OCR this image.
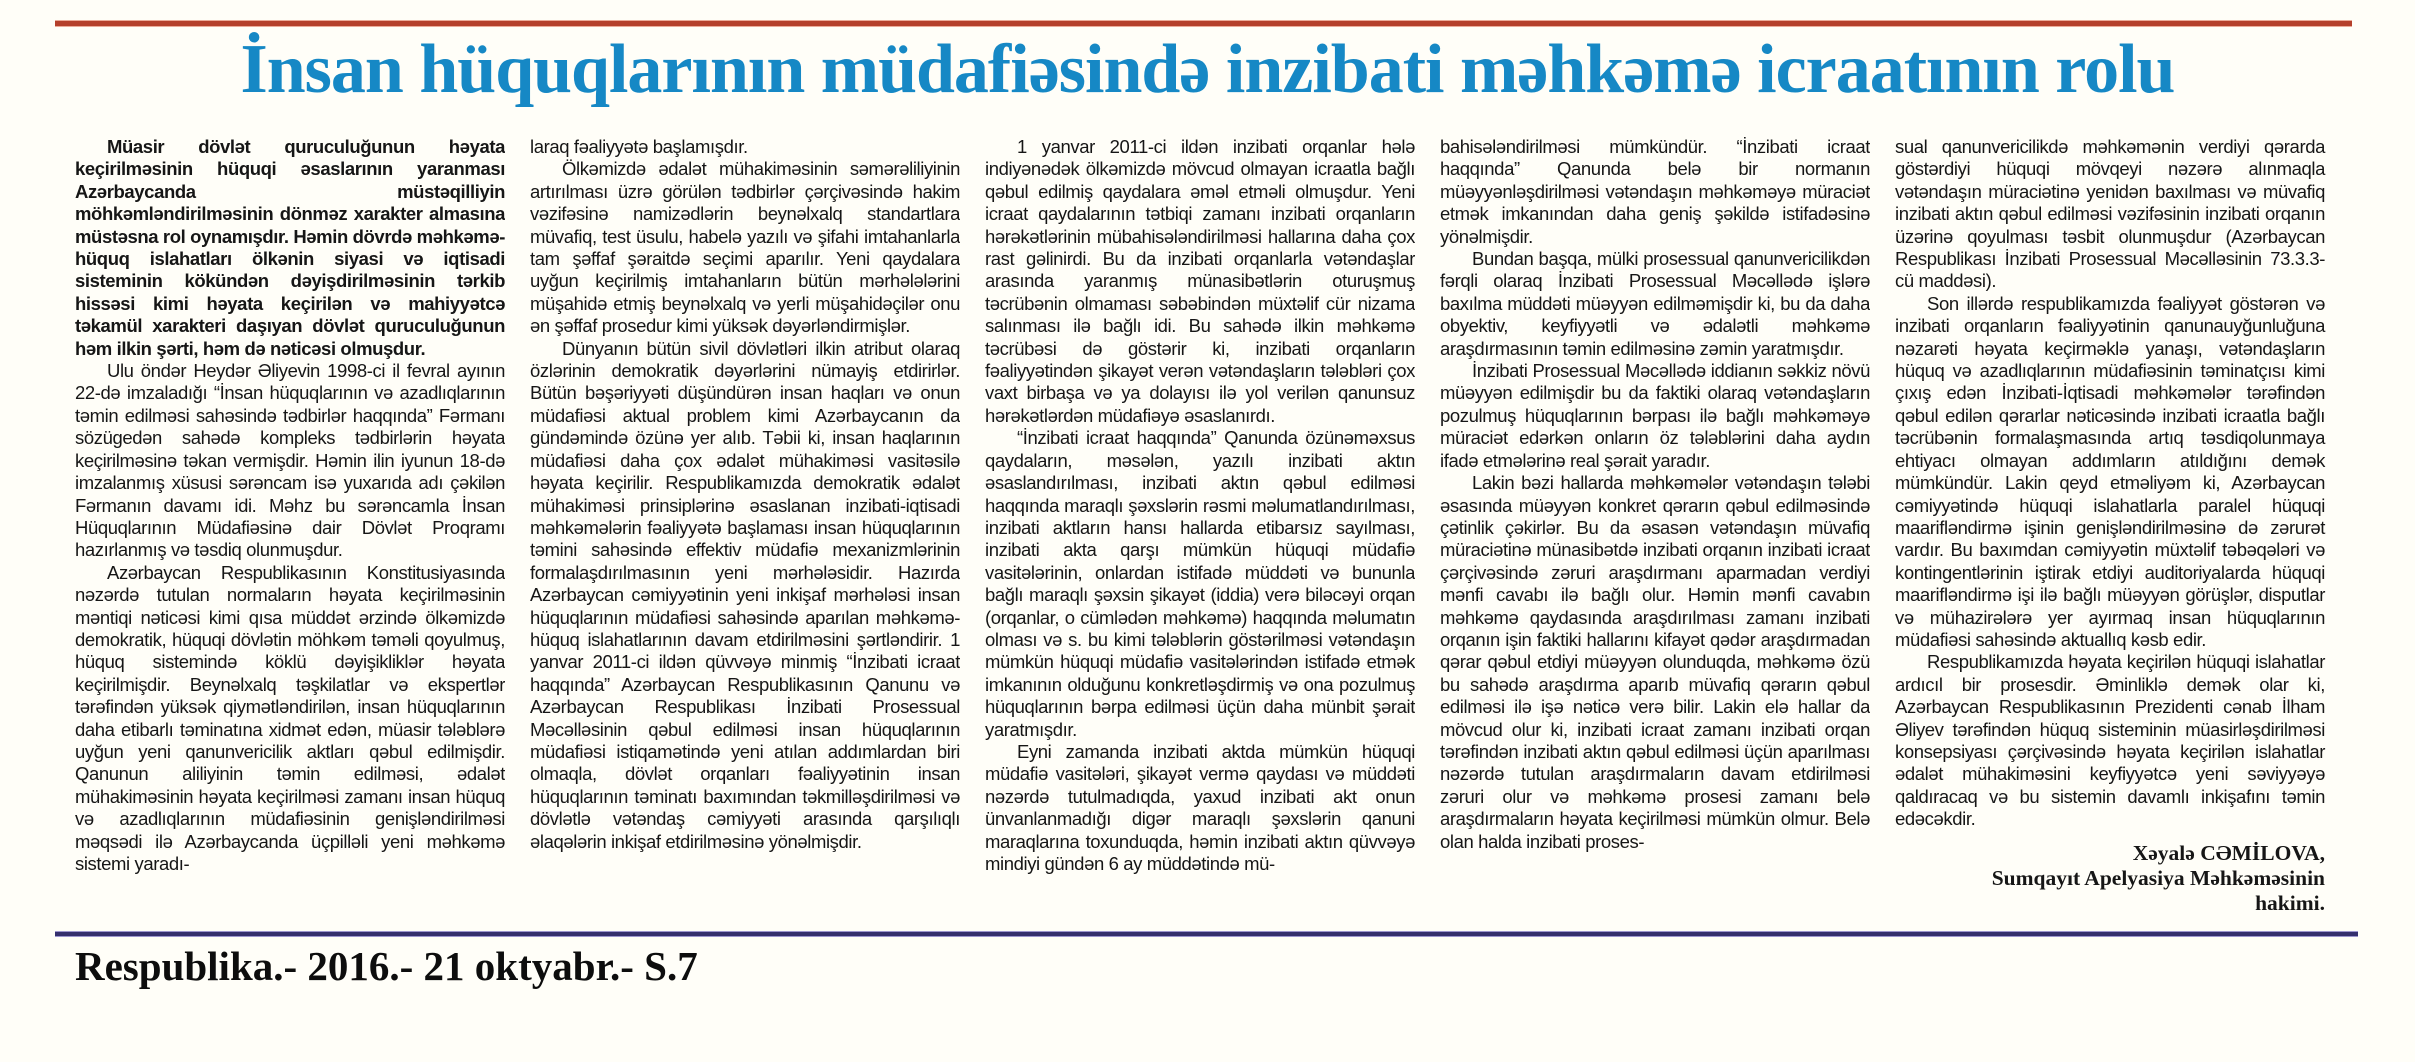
İnsan hüquqlarının müdafiəsində inzibati məhkəmə icraatının rolu

Müasir dövlət quruculuğunun həyata keçirilməsinin hüquqi əsaslarının yaranması Azərbaycanda müstəqilliyin möhkəmləndirilməsinin dönməz xarakter almasına müstəsna rol oynamışdır. Həmin dövrdə məhkəmə-hüquq islahatları ölkənin siyasi və iqtisadi sisteminin kökündən dəyişdirilməsinin tərkib hissəsi kimi həyata keçirilən və mahiyyətcə təkamül xarakteri daşıyan dövlət quruculuğunun həm ilkin şərti, həm də nəticəsi olmuşdur.

Ulu öndər Heydər Əliyevin 1998-ci il fevral ayının 22-də imzaladığı “İnsan hüquqlarının və azadlıqlarının təmin edilməsi sahəsində tədbirlər haqqında” Fərmanı sözügedən sahədə kompleks tədbirlərin həyata keçirilməsinə təkan vermişdir. Həmin ilin iyunun 18-də imzalanmış xüsusi sərəncam isə yuxarıda adı çəkilən Fərmanın davamı idi. Məhz bu sərəncamla İnsan Hüquqlarının Müdafiəsinə dair Dövlət Proqramı hazırlanmış və təsdiq olunmuşdur.

Azərbaycan Respublikasının Konstitusiyasında nəzərdə tutulan normaların həyata keçirilməsinin məntiqi nəticəsi kimi qısa müddət ərzində ölkəmizdə demokratik, hüquqi dövlətin möhkəm təməli qoyulmuş, hüquq sistemində köklü dəyişikliklər həyata keçirilmişdir. Beynəlxalq təşkilatlar və ekspertlər tərəfindən yüksək qiymətləndirilən, insan hüquqlarının daha etibarlı təminatına xidmət edən, müasir tələblərə uyğun yeni qanunvericilik aktları qəbul edilmişdir. Qanunun aliliyinin təmin edilməsi, ədalət mühakiməsinin həyata keçirilməsi zamanı insan hüquq və azadlıqlarının müdafiəsinin genişləndirilməsi məqsədi ilə Azərbaycanda üçpilləli yeni məhkəmə sistemi yaradı-

laraq fəaliyyətə başlamışdır.

Ölkəmizdə ədalət mühakiməsinin səmərəliliyinin artırılması üzrə görülən tədbirlər çərçivəsində hakim vəzifəsinə namizədlərin beynəlxalq standartlara müvafiq, test üsulu, habelə yazılı və şifahi imtahanlarla tam şəffaf şəraitdə seçimi aparılır. Yeni qaydalara uyğun keçirilmiş imtahanların bütün mərhələlərini müşahidə etmiş beynəlxalq və yerli müşahidəçilər onu ən şəffaf prosedur kimi yüksək dəyərləndirmişlər.

Dünyanın bütün sivil dövlətləri ilkin atribut olaraq özlərinin demokratik dəyərlərini nümayiş etdirirlər. Bütün bəşəriyyəti düşündürən insan haqları və onun müdafiəsi aktual problem kimi Azərbaycanın da gündəmində özünə yer alıb. Təbii ki, insan haqlarının müdafiəsi daha çox ədalət mühakiməsi vasitəsilə həyata keçirilir. Respublikamızda demokratik ədalət mühakiməsi prinsiplərinə əsaslanan inzibati-iqtisadi məhkəmələrin fəaliyyətə başlaması insan hüquqlarının təmini sahəsində effektiv müdafiə mexanizmlərinin formalaşdırılmasının yeni mərhələsidir. Hazırda Azərbaycan cəmiyyətinin yeni inkişaf mərhələsi insan hüquqlarının müdafiəsi sahəsində aparılan məhkəmə-hüquq islahatlarının davam etdirilməsini şərtləndirir. 1 yanvar 2011-ci ildən qüvvəyə minmiş “İnzibati icraat haqqında” Azərbaycan Respublikasının Qanunu və Azərbaycan Respublikası İnzibati Prosessual Məcəlləsinin qəbul edilməsi insan hüquqlarının müdafiəsi istiqamətində yeni atılan addımlardan biri olmaqla, dövlət orqanları fəaliyyətinin insan hüquqlarının təminatı baxımından təkmilləşdirilməsi və dövlətlə vətəndaş cəmiyyəti arasında qarşılıqlı əlaqələrin inkişaf etdirilməsinə yönəlmişdir.

1 yanvar 2011-ci ildən inzibati orqanlar hələ indiyənədək ölkəmizdə mövcud olmayan icraatla bağlı qəbul edilmiş qaydalara əməl etməli olmuşdur. Yeni icraat qaydalarının tətbiqi zamanı inzibati orqanların hərəkətlərinin mübahisələndirilməsi hallarına daha çox rast gəlinirdi. Bu da inzibati orqanlarla vətəndaşlar arasında yaranmış münasibətlərin oturuşmuş təcrübənin olmaması səbəbindən müxtəlif cür nizama salınması ilə bağlı idi. Bu sahədə ilkin məhkəmə təcrübəsi də göstərir ki, inzibati orqanların fəaliyyətindən şikayət verən vətəndaşların tələbləri çox vaxt birbaşa və ya dolayısı ilə yol verilən qanunsuz hərəkətlərdən müdafiəyə əsaslanırdı.

“İnzibati icraat haqqında” Qanunda özünəməxsus qaydaların, məsələn, yazılı inzibati aktın əsaslandırılması, inzibati aktın qəbul edilməsi haqqında maraqlı şəxslərin rəsmi məlumatlandırılması, inzibati aktların hansı hallarda etibarsız sayılması, inzibati akta qarşı mümkün hüquqi müdafiə vasitələrinin, onlardan istifadə müddəti və bununla bağlı maraqlı şəxsin şikayət (iddia) verə biləcəyi orqan (orqanlar, o cümlədən məhkəmə) haqqında məlumatın olması və s. bu kimi tələblərin göstərilməsi vətəndaşın mümkün hüquqi müdafiə vasitələrindən istifadə etmək imkanının olduğunu konkretləşdirmiş və ona pozulmuş hüquqlarının bərpa edilməsi üçün daha münbit şərait yaratmışdır.

Eyni zamanda inzibati aktda mümkün hüquqi müdafiə vasitələri, şikayət vermə qaydası və müddəti nəzərdə tutulmadıqda, yaxud inzibati akt onun ünvanlanmadığı digər maraqlı şəxslərin qanuni maraqlarına toxunduqda, həmin inzibati aktın qüvvəyə mindiyi gündən 6 ay müddətində mü-

bahisələndirilməsi mümkündür. “İnzibati icraat haqqında” Qanunda belə bir normanın müəyyənləşdirilməsi vətəndaşın məhkəməyə müraciət etmək imkanından daha geniş şəkildə istifadəsinə yönəlmişdir.

Bundan başqa, mülki prosessual qanunvericilikdən fərqli olaraq İnzibati Prosessual Məcəllədə işlərə baxılma müddəti müəyyən edilməmişdir ki, bu da daha obyektiv, keyfiyyətli və ədalətli məhkəmə araşdırmasının təmin edilməsinə zəmin yaratmışdır.

İnzibati Prosessual Məcəllədə iddianın səkkiz növü müəyyən edilmişdir bu da faktiki olaraq vətəndaşların pozulmuş hüquqlarının bərpası ilə bağlı məhkəməyə müraciət edərkən onların öz tələblərini daha aydın ifadə etmələrinə real şərait yaradır.

Lakin bəzi hallarda məhkəmələr vətəndaşın tələbi əsasında müəyyən konkret qərarın qəbul edilməsində çətinlik çəkirlər. Bu da əsasən vətəndaşın müvafiq müraciətinə münasibətdə inzibati orqanın inzibati icraat çərçivəsində zəruri araşdırmanı aparmadan verdiyi mənfi cavabı ilə bağlı olur. Həmin mənfi cavabın məhkəmə qaydasında araşdırılması zamanı inzibati orqanın işin faktiki hallarını kifayət qədər araşdırmadan qərar qəbul etdiyi müəyyən olunduqda, məhkəmə özü bu sahədə araşdırma aparıb müvafiq qərarın qəbul edilməsi ilə işə nəticə verə bilir. Lakin elə hallar da mövcud olur ki, inzibati icraat zamanı inzibati orqan tərəfindən inzibati aktın qəbul edilməsi üçün aparılması nəzərdə tutulan araşdırmaların davam etdirilməsi zəruri olur və məhkəmə prosesi zamanı belə araşdırmaların həyata keçirilməsi mümkün olmur. Belə olan halda inzibati proses-

sual qanunvericilikdə məhkəmənin verdiyi qərarda göstərdiyi hüquqi mövqeyi nəzərə alınmaqla vətəndaşın müraciətinə yenidən baxılması və müvafiq inzibati aktın qəbul edilməsi vəzifəsinin inzibati orqanın üzərinə qoyulması təsbit olunmuşdur (Azərbaycan Respublikası İnzibati Prosessual Məcəlləsinin 73.3.3-cü maddəsi).

Son illərdə respublikamızda fəaliyyət göstərən və inzibati orqanların fəaliyyətinin qanunauyğunluğuna nəzarəti həyata keçirməklə yanaşı, vətəndaşların hüquq və azadlıqlarının müdafiəsinin təminatçısı kimi çıxış edən İnzibati-İqtisadi məhkəmələr tərəfindən qəbul edilən qərarlar nəticəsində inzibati icraatla bağlı təcrübənin formalaşmasında artıq təsdiqolunmaya ehtiyacı olmayan addımların atıldığını demək mümkündür. Lakin qeyd etməliyəm ki, Azərbaycan cəmiyyətində hüquqi islahatlarla paralel hüquqi maarifləndirmə işinin genişləndirilməsinə də zərurət vardır. Bu baxımdan cəmiyyətin müxtəlif təbəqələri və kontingentlərinin iştirak etdiyi auditoriyalarda hüquqi maarifləndirmə işi ilə bağlı müəyyən görüşlər, disputlar və mühazirələrə yer ayırmaq insan hüquqlarının müdafiəsi sahəsində aktuallıq kəsb edir.

Respublikamızda həyata keçirilən hüquqi islahatlar ardıcıl bir prosesdir. Əminliklə demək olar ki, Azərbaycan Respublikasının Prezidenti cənab İlham Əliyev tərəfindən hüquq sisteminin müasirləşdirilməsi konsepsiyası çərçivəsində həyata keçirilən islahatlar ədalət mühakiməsini keyfiyyətcə yeni səviyyəyə qaldıracaq və bu sistemin davamlı inkişafını təmin edəcəkdir.

Xəyalə CƏMİLOVA,

Sumqayıt Apelyasiya Məhkəməsinin

hakimi.

Respublika.- 2016.- 21 oktyabr.- S.7
